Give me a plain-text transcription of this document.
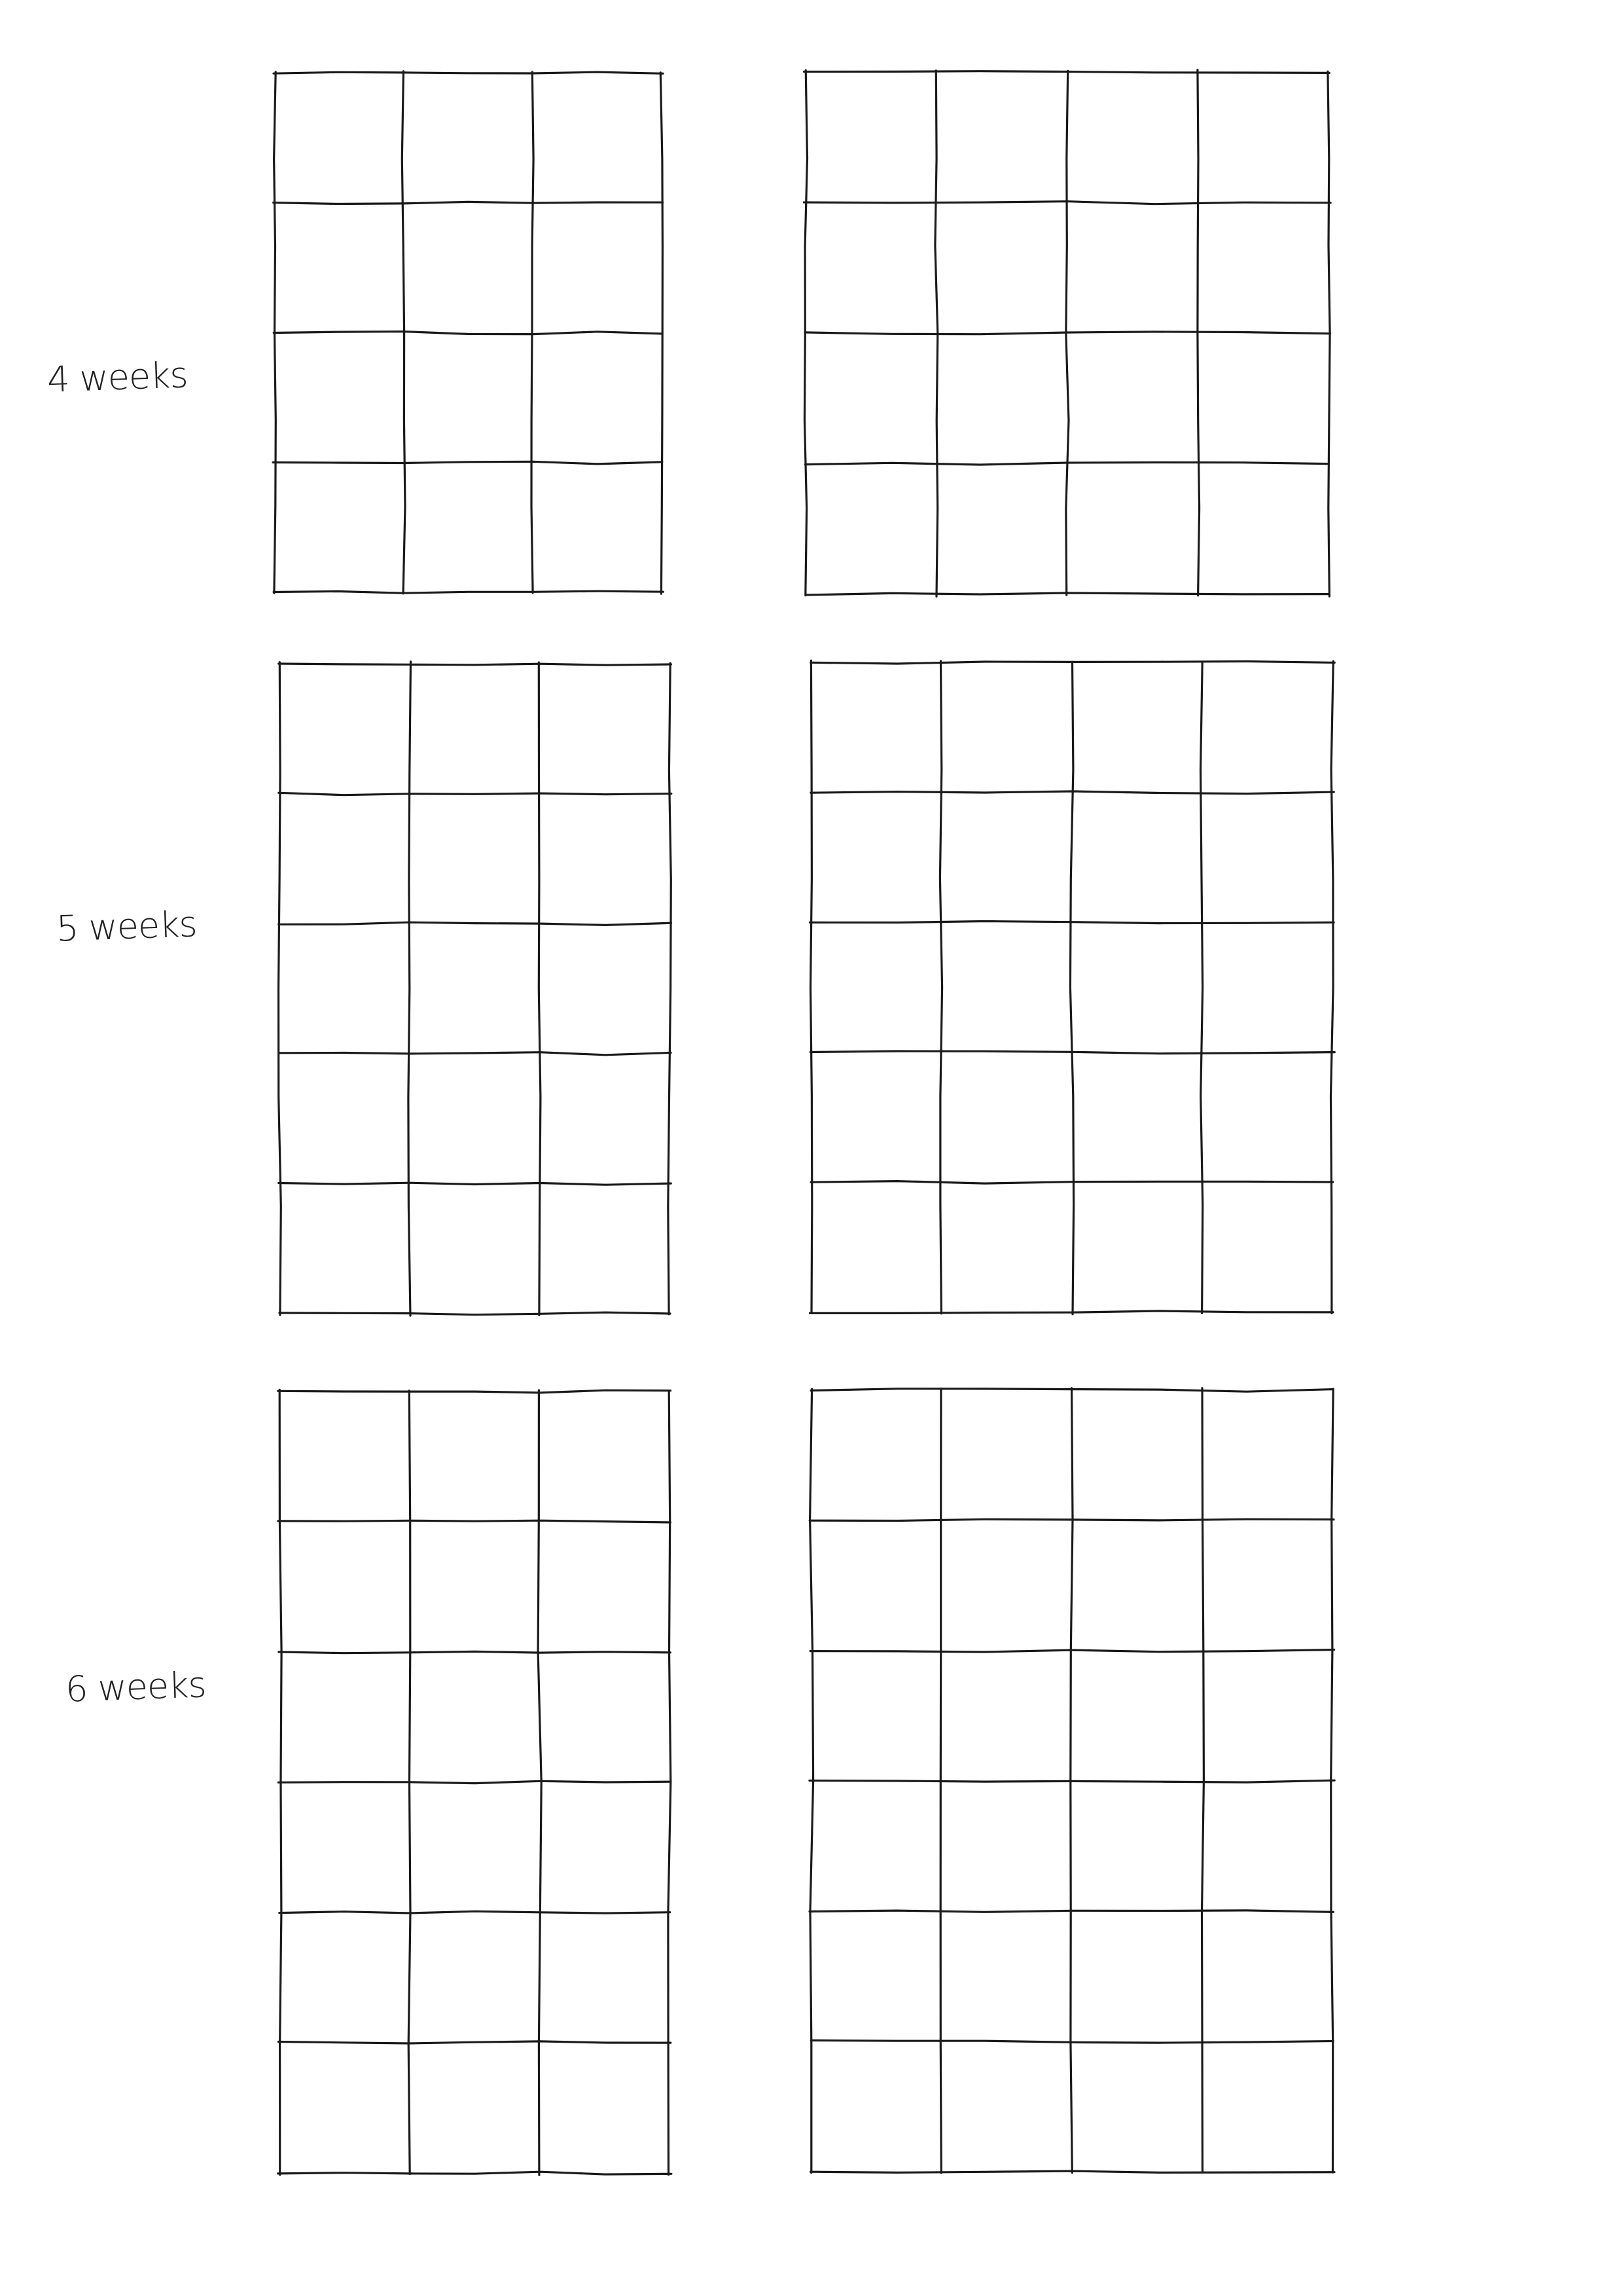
4 weeks
5 weeks
6 weeks
